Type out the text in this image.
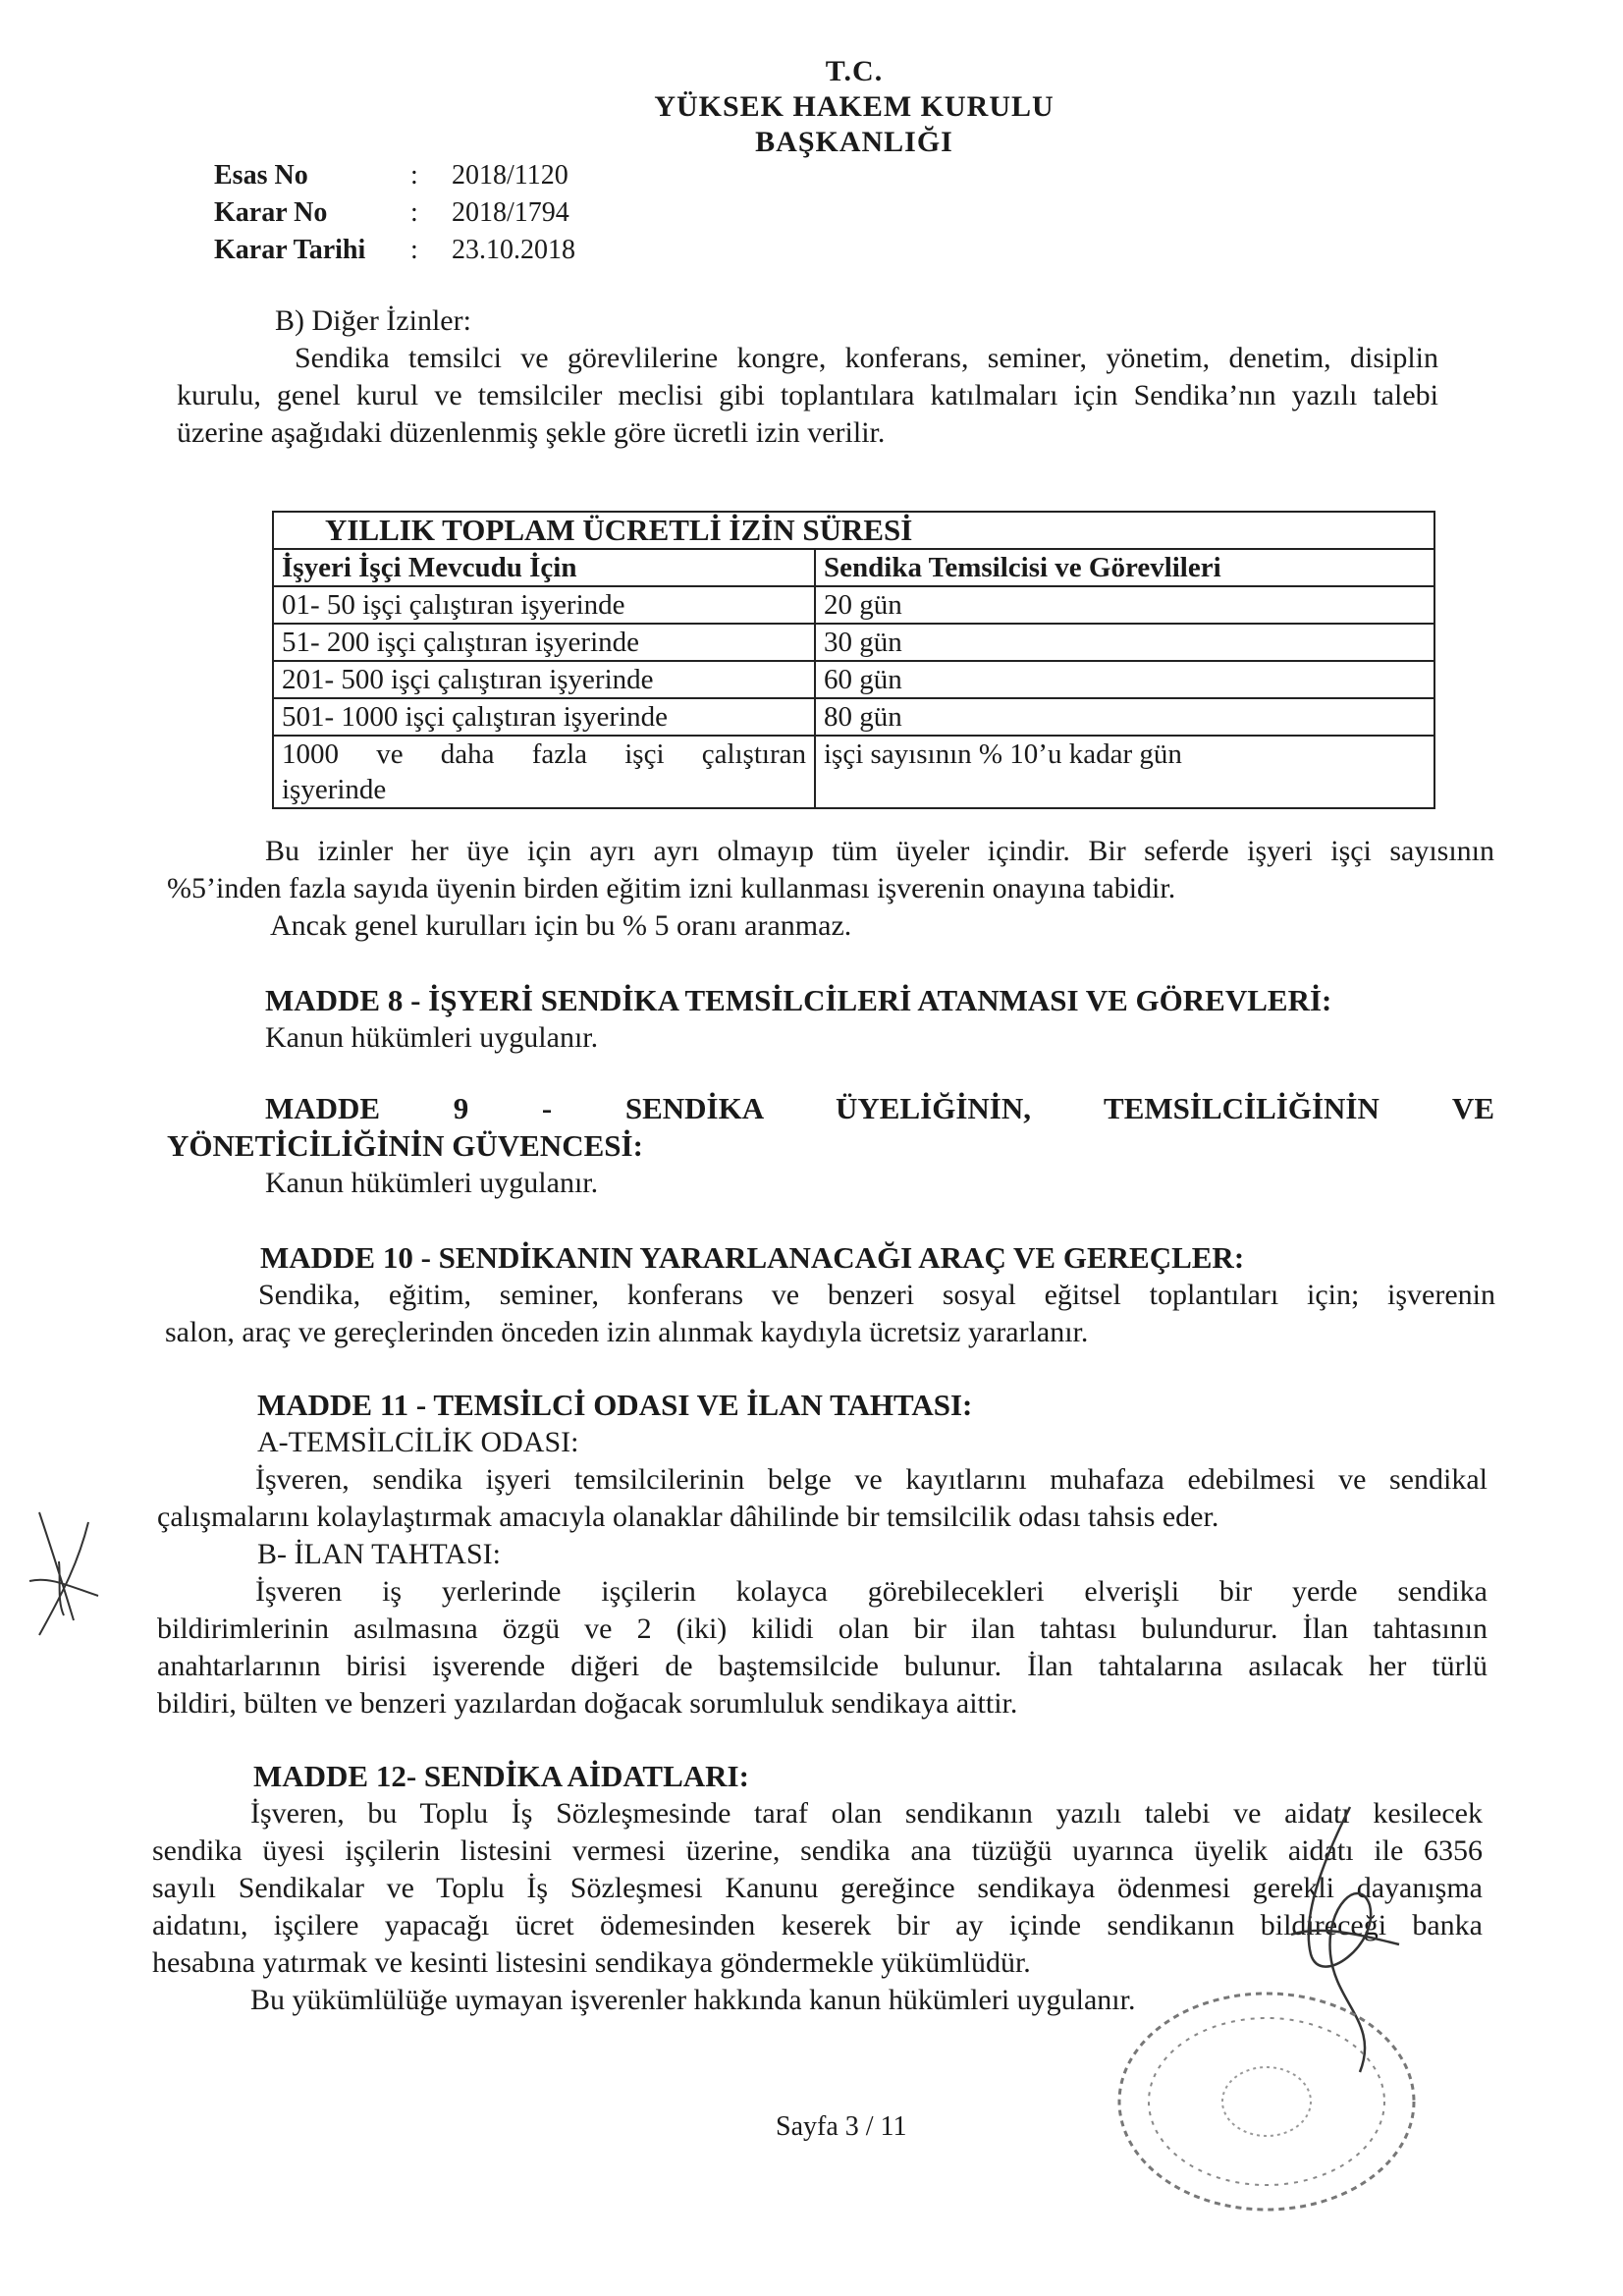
T.C.
YÜKSEK HAKEM KURULU
BAŞKANLIĞI
Esas No	:	2018/1120
Karar No	:	2018/1794
Karar Tarihi	:	23.10.2018
B) Diğer İzinler:
Sendika temsilci ve görevlilerine kongre, konferans, seminer, yönetim, denetim, disiplin
kurulu, genel kurul ve temsilciler meclisi gibi toplantılara katılmaları için Sendika’nın yazılı talebi
üzerine aşağıdaki düzenlenmiş şekle göre ücretli izin verilir.
YILLIK TOPLAM ÜCRETLİ İZİN SÜRESİ	
İşyeri İşçi Mevcudu İçin	Sendika Temsilcisi ve Görevlileri
01- 50 işçi çalıştıran işyerinde	20 gün
51- 200 işçi çalıştıran işyerinde	30 gün
201- 500 işçi çalıştıran işyerinde	60 gün
501- 1000 işçi çalıştıran işyerinde	80 gün

1000 ve daha fazla işçi çalıştıran
işyerinde	işçi sayısının % 10’u kadar gün
Bu izinler her üye için ayrı ayrı olmayıp tüm üyeler içindir. Bir seferde işyeri işçi sayısının
%5’inden fazla sayıda üyenin birden eğitim izni kullanması işverenin onayına tabidir.
Ancak genel kurulları için bu % 5 oranı aranmaz.
MADDE 8 - İŞYERİ SENDİKA TEMSİLCİLERİ ATANMASI VE GÖREVLERİ:
Kanun hükümleri uygulanır.
MADDE 9 - SENDİKA ÜYELİĞİNİN, TEMSİLCİLİĞİNİN VE
YÖNETİCİLİĞİNİN GÜVENCESİ:
Kanun hükümleri uygulanır.
MADDE 10 - SENDİKANIN YARARLANACAĞI ARAÇ VE GEREÇLER:
Sendika, eğitim, seminer, konferans ve benzeri sosyal eğitsel toplantıları için; işverenin
salon, araç ve gereçlerinden önceden izin alınmak kaydıyla ücretsiz yararlanır.
MADDE 11 - TEMSİLCİ ODASI VE İLAN TAHTASI:
A-TEMSİLCİLİK ODASI:
İşveren, sendika işyeri temsilcilerinin belge ve kayıtlarını muhafaza edebilmesi ve sendikal
çalışmalarını kolaylaştırmak amacıyla olanaklar dâhilinde bir temsilcilik odası tahsis eder.
B- İLAN TAHTASI:
İşveren iş yerlerinde işçilerin kolayca görebilecekleri elverişli bir yerde sendika
bildirimlerinin asılmasına özgü ve 2 (iki) kilidi olan bir ilan tahtası bulundurur. İlan tahtasının
anahtarlarının birisi işverende diğeri de baştemsilcide bulunur. İlan tahtalarına asılacak her türlü
bildiri, bülten ve benzeri yazılardan doğacak sorumluluk sendikaya aittir.
MADDE 12- SENDİKA AİDATLARI:
İşveren, bu Toplu İş Sözleşmesinde taraf olan sendikanın yazılı talebi ve aidatı kesilecek
sendika üyesi işçilerin listesini vermesi üzerine, sendika ana tüzüğü uyarınca üyelik aidatı ile 6356
sayılı Sendikalar ve Toplu İş Sözleşmesi Kanunu gereğince sendikaya ödenmesi gerekli dayanışma
aidatını, işçilere yapacağı ücret ödemesinden keserek bir ay içinde sendikanın bildireceği banka
hesabına yatırmak ve kesinti listesini sendikaya göndermekle yükümlüdür.
Bu yükümlülüğe uymayan işverenler hakkında kanun hükümleri uygulanır.
Sayfa 3 / 11
